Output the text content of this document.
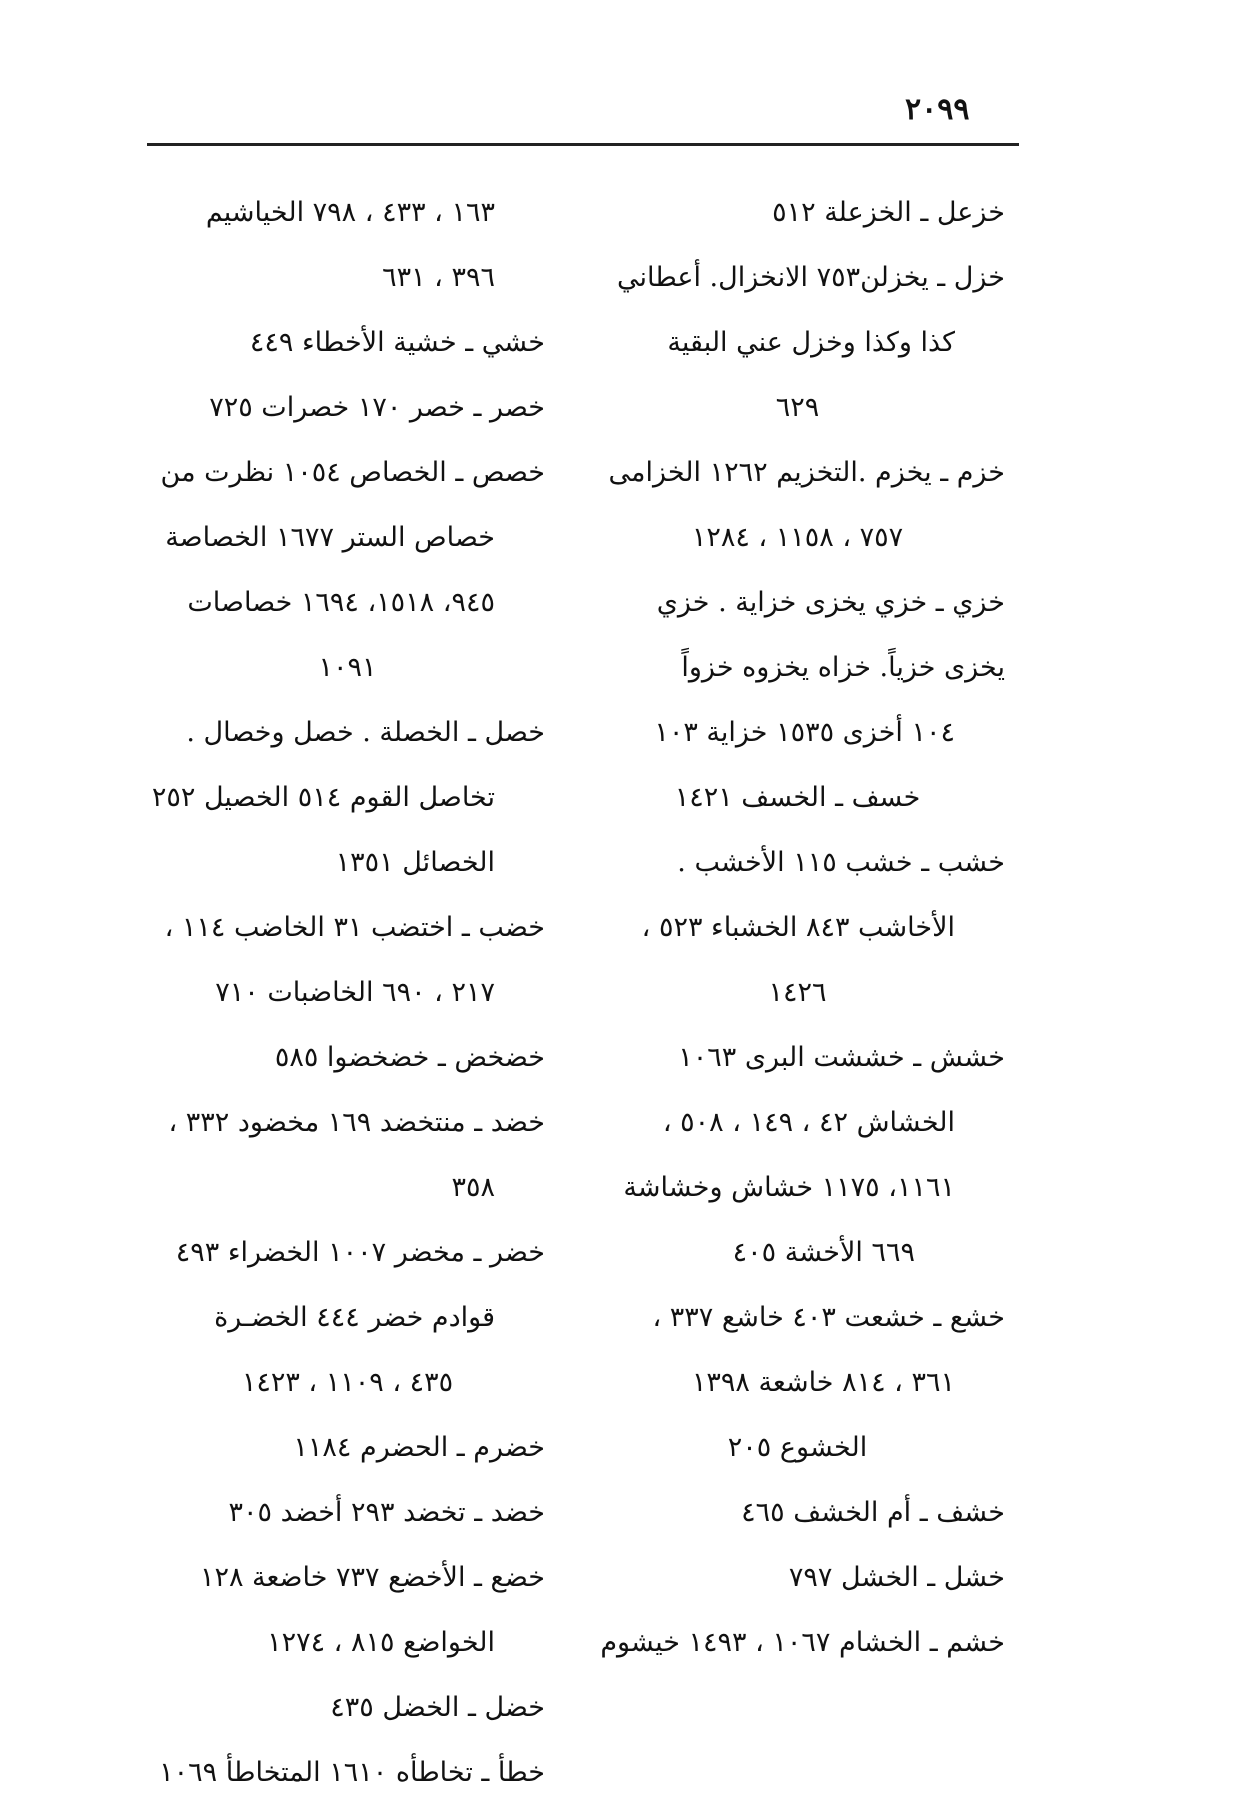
٢٠٩٩
خزعل ـ الخزعلة ٥١٢
خزل ـ يخزلن٧٥٣ الانخزال. أعطاني
كذا وكذا وخزل عني البقية
٦٢٩
خزم ـ يخزم .التخزيم ١٢٦٢ الخزامى
٧٥٧ ، ١١٥٨ ، ١٢٨٤
خزي ـ خزي يخزى خزاية . خزي
يخزى خزياً. خزاه يخزوه خزواً
١٠٤ أخزى ١٥٣٥ خزاية ١٠٣
خسف ـ الخسف ١٤٢١
خشب ـ خشب ١١٥ الأخشب .
الأخاشب ٨٤٣ الخشباء ٥٢٣ ،
١٤٢٦
خشش ـ خششت البرى ١٠٦٣
الخشاش ٤٢ ، ١٤٩ ، ٥٠٨ ،
١١٦١، ١١٧٥ خشاش وخشاشة
٦٦٩ الأخشة ٤٠٥
خشع ـ خشعت ٤٠٣ خاشع ٣٣٧ ،
٣٦١ ، ٨١٤ خاشعة ١٣٩٨
الخشوع ٢٠٥
خشف ـ أم الخشف ٤٦٥
خشل ـ الخشل ٧٩٧
خشم ـ الخشام ١٠٦٧ ، ١٤٩٣ خيشوم
١٦٣ ، ٤٣٣ ، ٧٩٨ الخياشيم
٣٩٦ ، ٦٣١
خشي ـ خشية الأخطاء ٤٤٩
خصر ـ خصر ١٧٠ خصرات ٧٢٥
خصص ـ الخصاص ١٠٥٤ نظرت من
خصاص الستر ١٦٧٧ الخصاصة
٩٤٥، ١٥١٨، ١٦٩٤ خصاصات
١٠٩١
خصل ـ الخصلة . خصل وخصال .
تخاصل القوم ٥١٤ الخصيل ٢٥٢
الخصائل ١٣٥١
خضب ـ اختضب ٣١ الخاضب ١١٤ ،
٢١٧ ، ٦٩٠ الخاضبات ٧١٠
خضخض ـ خضخضوا ٥٨٥
خضد ـ منتخضد ١٦٩ مخضود ٣٣٢ ،
٣٥٨
خضر ـ مخضر ١٠٠٧ الخضراء ٤٩٣
قوادم خضر ٤٤٤ الخضـرة
٤٣٥ ، ١١٠٩ ، ١٤٢٣
خضرم ـ الحضرم ١١٨٤
خضد ـ تخضد ٢٩٣ أخضد ٣٠٥
خضع ـ الأخضع ٧٣٧ خاضعة ١٢٨
الخواضع ٨١٥ ، ١٢٧٤
خضل ـ الخضل ٤٣٥
خطأ ـ تخاطأه ١٦١٠ المتخاطأ ١٠٦٩
